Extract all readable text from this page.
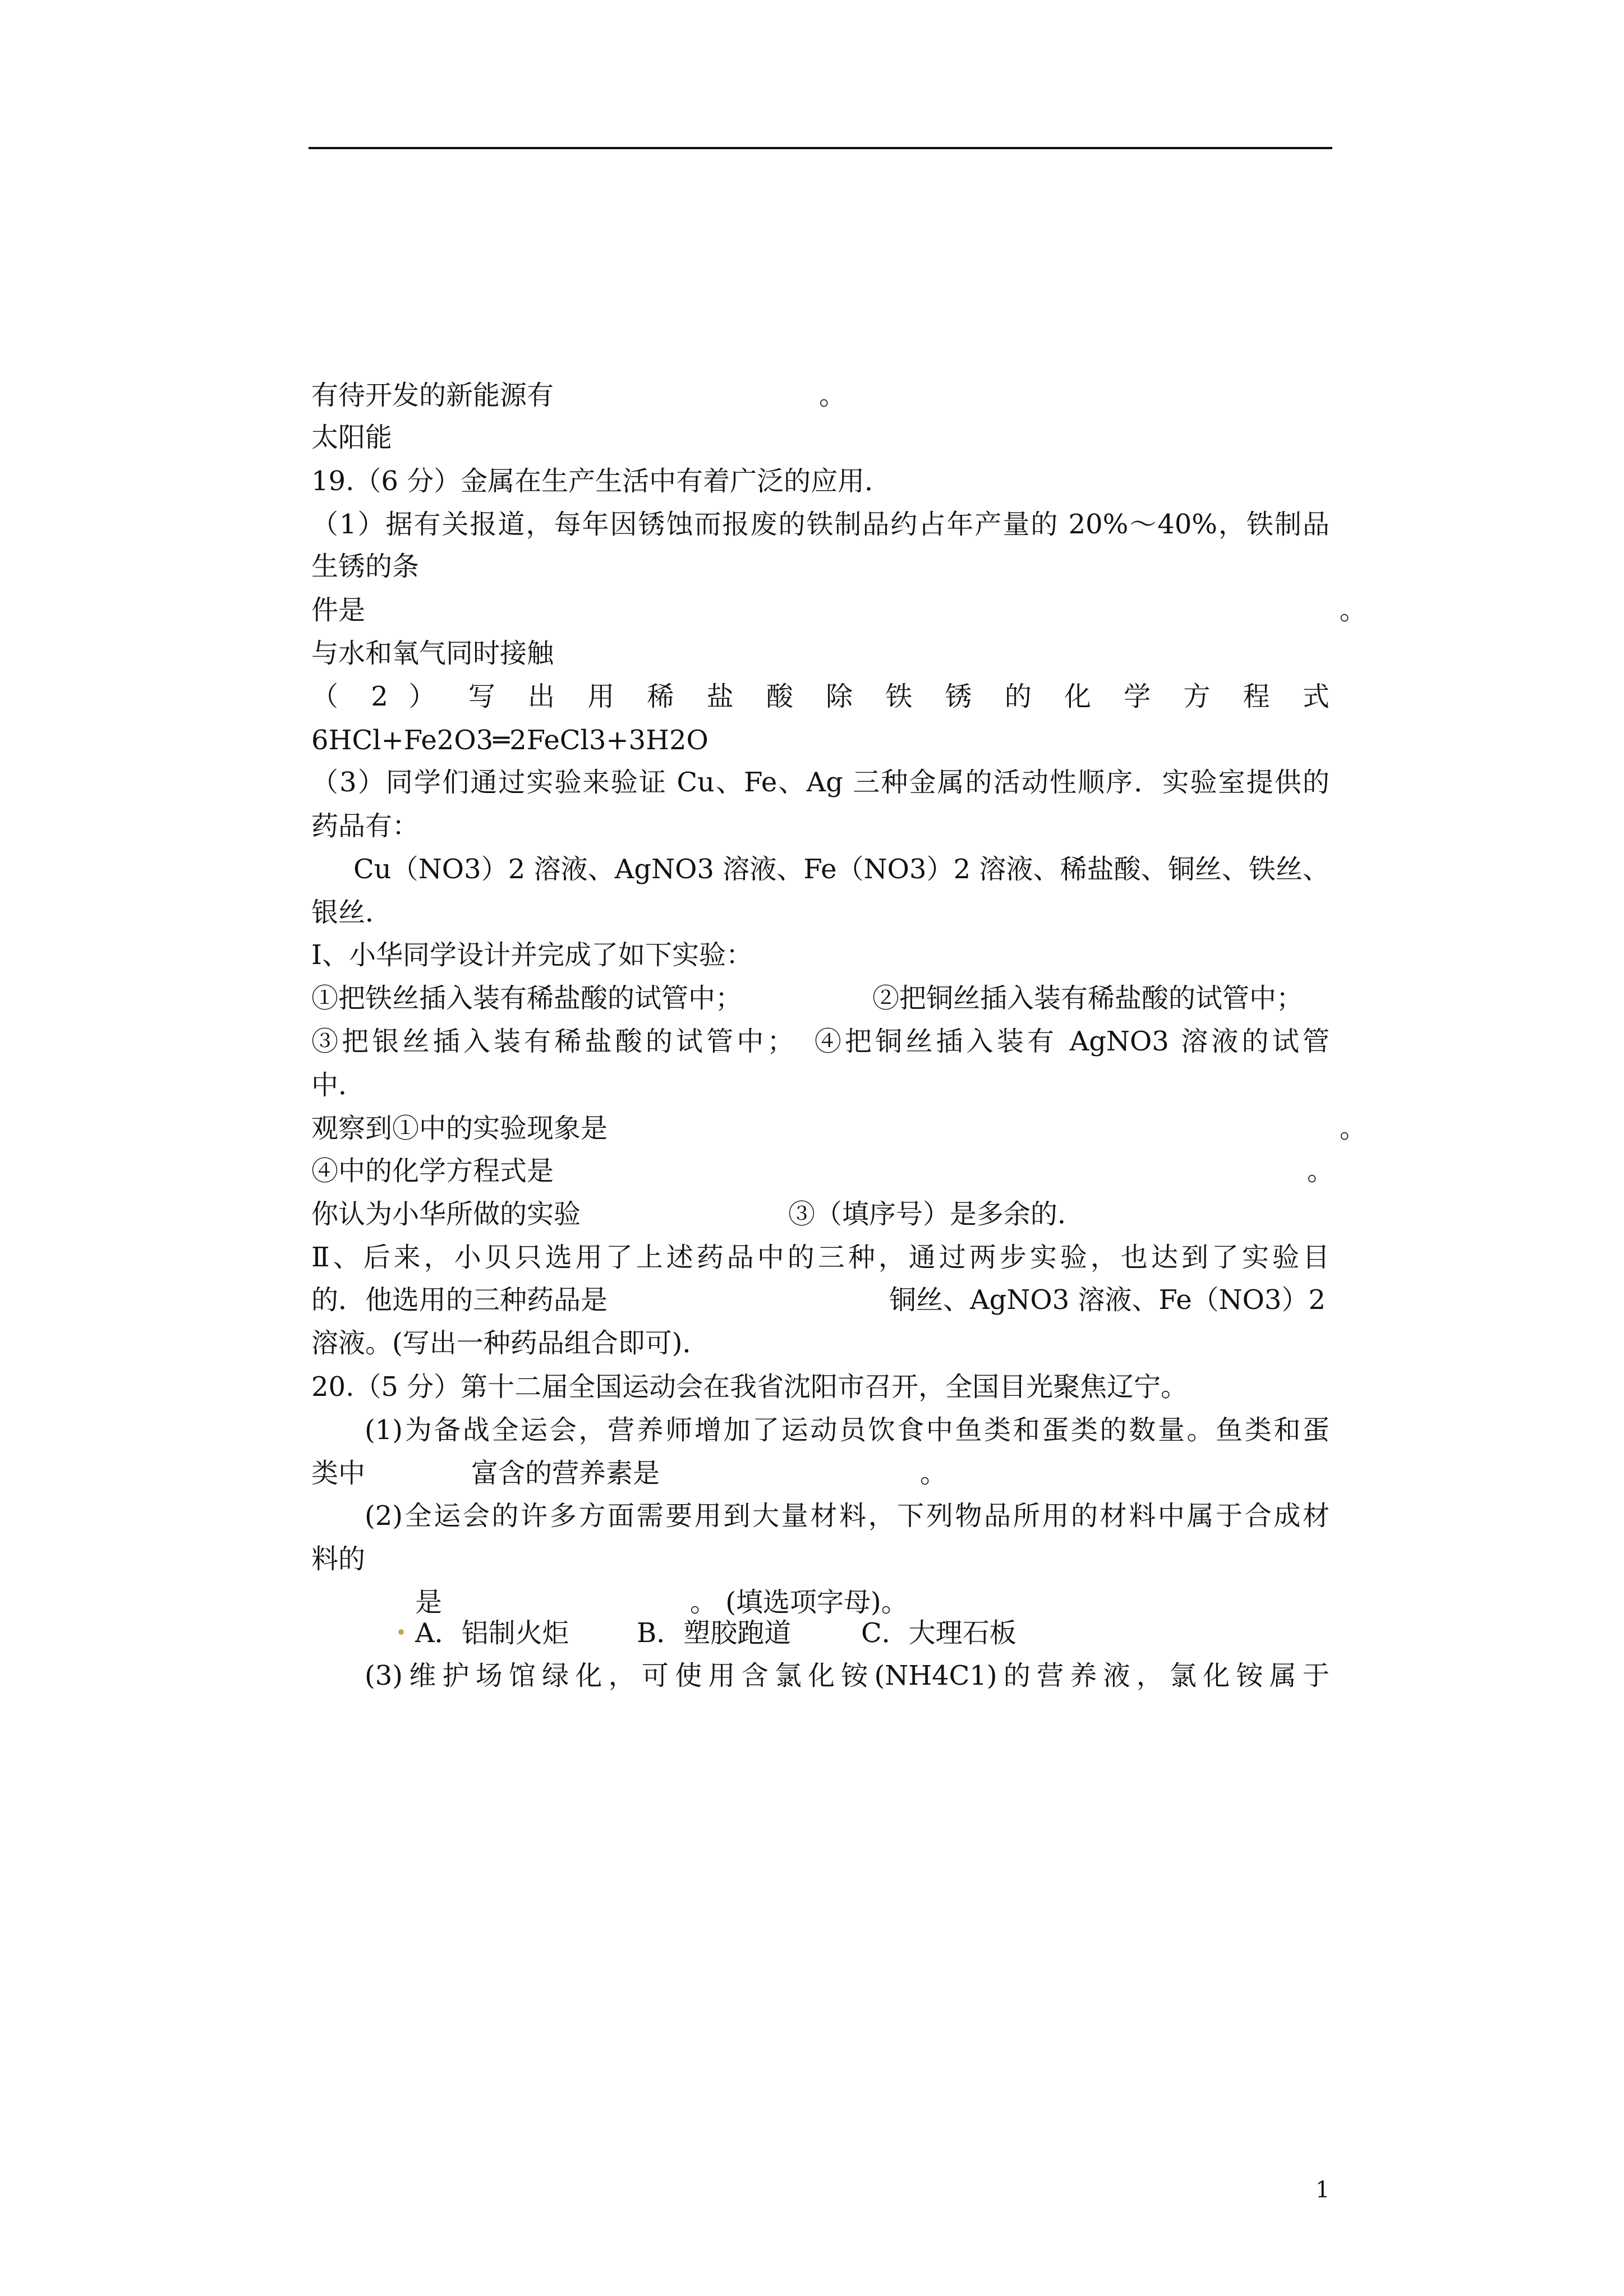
有待开发的新能源有	。
太阳能
19.（6 分）金属在生产生活中有着广泛的应用．
（1）据有关报道，每年因锈蚀而报废的铁制品约占年产量的 20%～40%，铁制品
生锈的条
件是	。
与水和氧气同时接触
（ 2 ） 写 出 用 稀 盐 酸 除 铁 锈 的 化 学 方 程 式
6HCl+Fe2O3═2FeCl3+3H2O
（3）同学们通过实验来验证 Cu、Fe、Ag 三种金属的活动性顺序．实验室提供的
药品有：
Cu（NO3）2 溶液、AgNO3 溶液、Fe（NO3）2 溶液、稀盐酸、铜丝、铁丝、
银丝．
Ⅰ、小华同学设计并完成了如下实验：
①把铁丝插入装有稀盐酸的试管中；	②把铜丝插入装有稀盐酸的试管中；
③把银丝插入装有稀盐酸的试管中；　④把铜丝插入装有 AgNO3 溶液的试管
中．
观察到①中的实验现象是	。
④中的化学方程式是	。
你认为小华所做的实验	③（填序号）是多余的．
Ⅱ、后来，小贝只选用了上述药品中的三种，通过两步实验，也达到了实验目
的．他选用的三种药品是	铜丝、AgNO3 溶液、Fe（NO3）2
溶液。(写出一种药品组合即可)．
20.（5 分）第十二届全国运动会在我省沈阳市召开，全国目光聚焦辽宁。
(1)为备战全运会，营养师增加了运动员饮食中鱼类和蛋类的数量。鱼类和蛋
类中	富含的营养素是	。
(2)全运会的许多方面需要用到大量材料，下列物品所用的材料中属于合成材
料的
是	。 (填选项字母)。
A．铝制火炬	B．塑胶跑道	C．大理石板
(3)维护场馆绿化，可使用含氯化铵(NH4C1)的营养液，氯化铵属于
1
